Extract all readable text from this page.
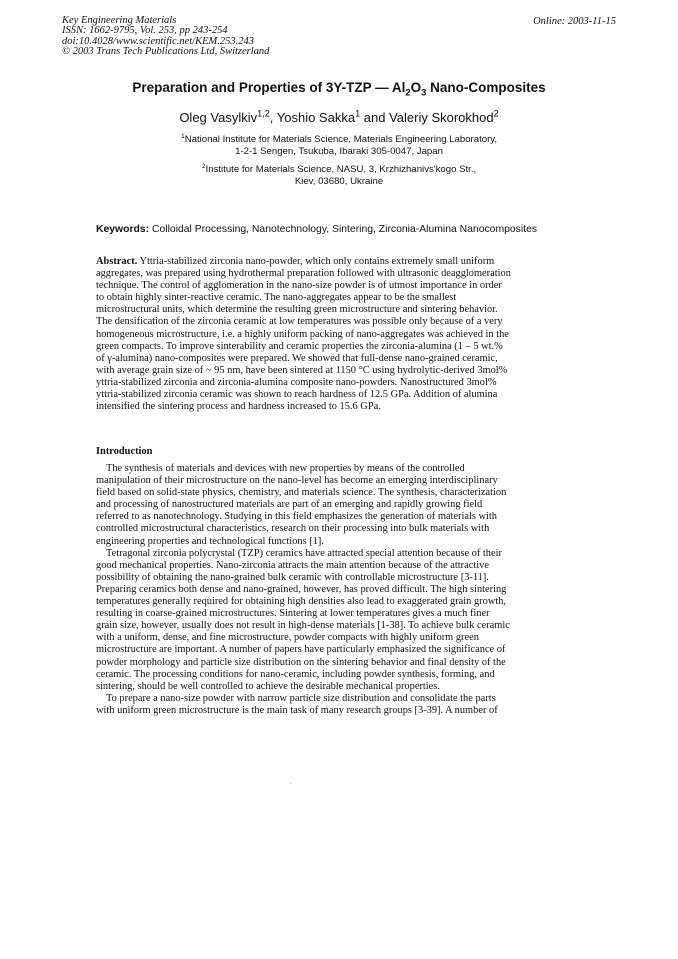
Key Engineering Materials
ISSN: 1662-9795, Vol. 253, pp 243-254
doi:10.4028/www.scientific.net/KEM.253.243
© 2003 Trans Tech Publications Ltd, Switzerland
Online: 2003-11-15
Preparation and Properties of 3Y-TZP — $Al_2O_3$ Nano-Composites
Oleg Vasylkiv$^{1,2}$, Yoshio Sakka$^1$ and Valeriy Skorokhod$^2$
$^1$National Institute for Materials Science, Materials Engineering Laboratory,
1-2-1 Sengen, Tsukuba, Ibaraki 305-0047, Japan
$^2$Institute for Materials Science, NASU, 3, Krzhizhanivs'kogo Str.,
Kiev, 03680, Ukraine
Keywords: Colloidal Processing, Nanotechnology, Sintering, Zirconia-Alumina Nanocomposites
Abstract. Yttria-stabilized zirconia nano-powder, which only contains extremely small uniform
aggregates, was prepared using hydrothermal preparation followed with ultrasonic deagglomeration
technique. The control of agglomeration in the nano-size powder is of utmost importance in order
to obtain highly sinter-reactive ceramic. The nano-aggregates appear to be the smallest
microstructural units, which determine the resulting green microstructure and sintering behavior.
The densification of the zirconia ceramic at low temperatures was possible only because of a very
homogeneous microstructure, i.e. a highly uniform packing of nano-aggregates was achieved in the
green compacts. To improve sinterability and ceramic properties the zirconia-alumina (1 – 5 wt.%
of γ-alumina) nano-composites were prepared. We showed that full-dense nano-grained ceramic,
with average grain size of ~ 95 nm, have been sintered at 1150 °C using hydrolytic-derived 3mol%
yttria-stabilized zirconia and zirconia-alumina composite nano-powders. Nanostructured 3mol%
yttria-stabilized zirconia ceramic was shown to reach hardness of 12.5 GPa. Addition of alumina
intensified the sintering process and hardness increased to 15.6 GPa.
Introduction
The synthesis of materials and devices with new properties by means of the controlled
manipulation of their microstructure on the nano-level has become an emerging interdisciplinary
field based on solid-state physics, chemistry, and materials science. The synthesis, characterization
and processing of nanostructured materials are part of an emerging and rapidly growing field
referred to as nanotechnology. Studying in this field emphasizes the generation of materials with
controlled microstructural characteristics, research on their processing into bulk materials with
engineering properties and technological functions [1].
Tetragonal zirconia polycrystal (TZP) ceramics have attracted special attention because of their
good mechanical properties. Nano-zirconia attracts the main attention because of the attractive
possibility of obtaining the nano-grained bulk ceramic with controllable microstructure [3-11].
Preparing ceramics both dense and nano-grained, however, has proved difficult. The high sintering
temperatures generally required for obtaining high densities also lead to exaggerated grain growth,
resulting in coarse-grained microstructures. Sintering at lower temperatures gives a much finer
grain size, however, usually does not result in high-dense materials [1-38]. To achieve bulk ceramic
with a uniform, dense, and fine microstructure, powder compacts with highly uniform green
microstructure are important. A number of papers have particularly emphasized the significance of
powder morphology and particle size distribution on the sintering behavior and final density of the
ceramic. The processing conditions for nano-ceramic, including powder synthesis, forming, and
sintering, should be well controlled to achieve the desirable mechanical properties.
To prepare a nano-size powder with narrow particle size distribution and consolidate the parts
with uniform green microstructure is the main task of many research groups [3-39]. A number of
